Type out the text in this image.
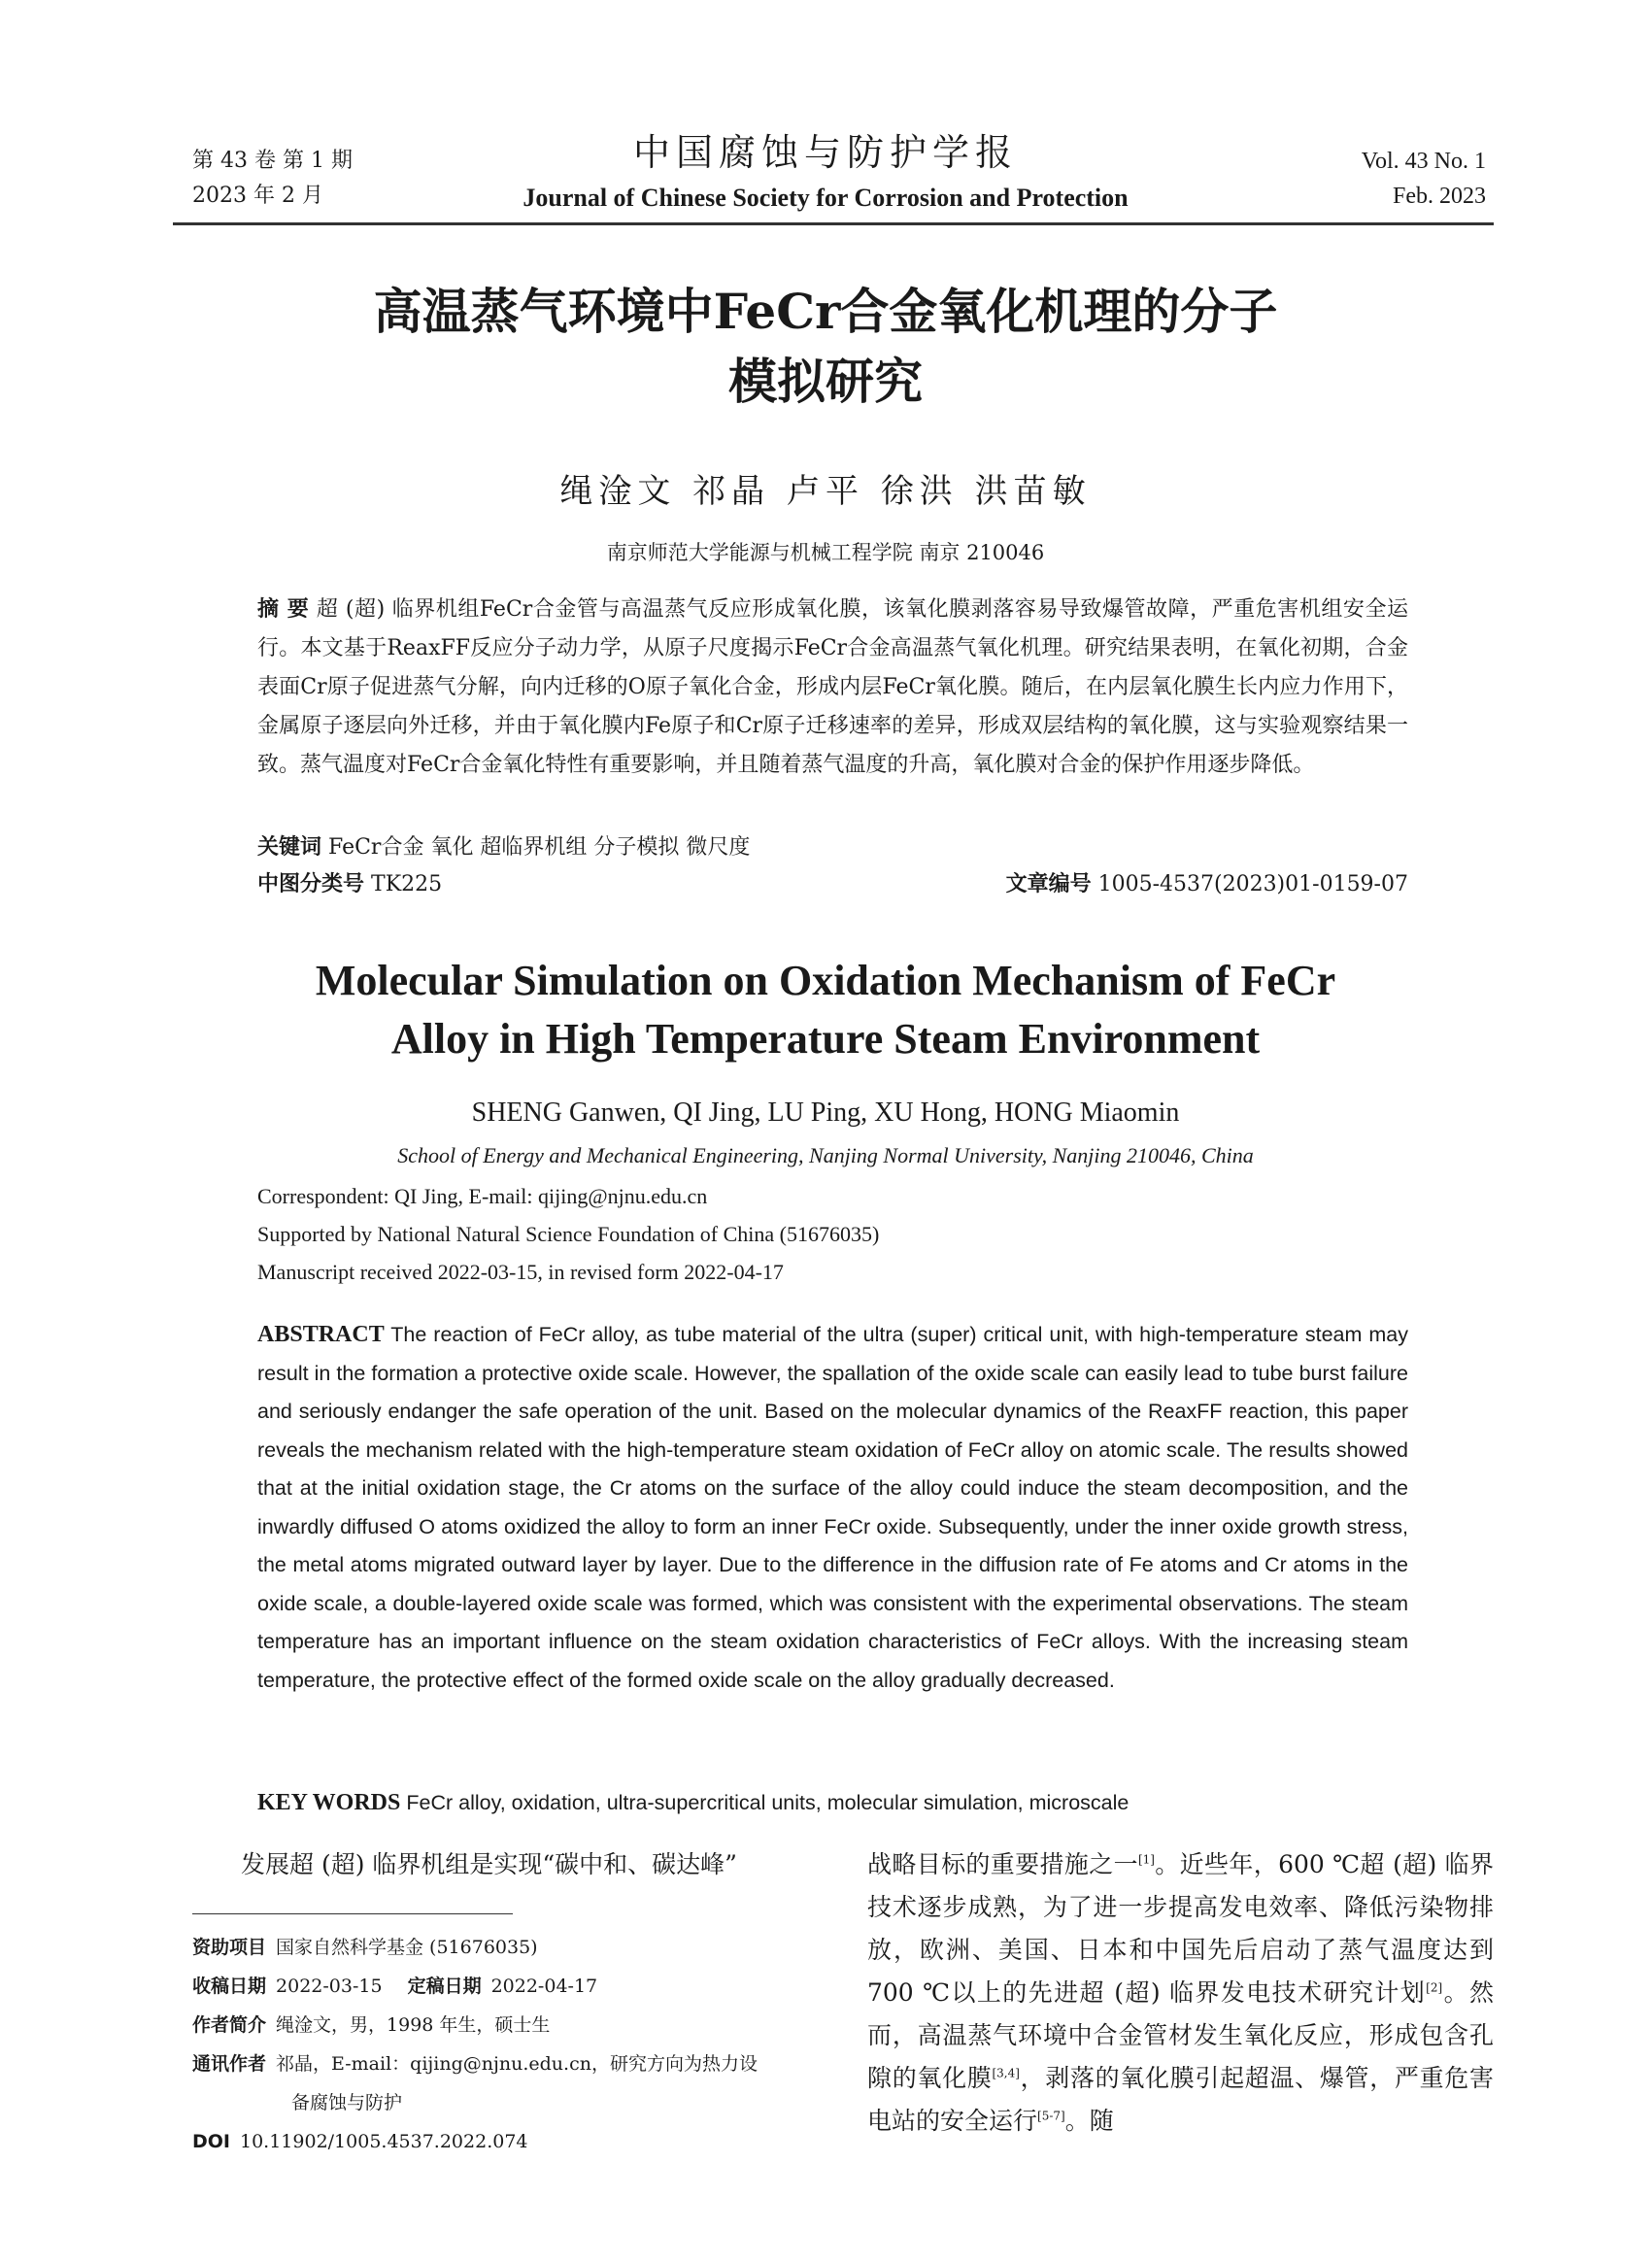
第 43 卷 第 1 期
2023 年 2 月
中国腐蚀与防护学报
Journal of Chinese Society for Corrosion and Protection
Vol. 43 No. 1
Feb. 2023
高温蒸气环境中FeCr合金氧化机理的分子
模拟研究
绳淦文 祁晶 卢平 徐洪 洪苗敏
南京师范大学能源与机械工程学院 南京 210046
摘 要 超 (超) 临界机组FeCr合金管与高温蒸气反应形成氧化膜，该氧化膜剥落容易导致爆管故障，严重危害机组安全运行。本文基于ReaxFF反应分子动力学，从原子尺度揭示FeCr合金高温蒸气氧化机理。研究结果表明，在氧化初期，合金表面Cr原子促进蒸气分解，向内迁移的O原子氧化合金，形成内层FeCr氧化膜。随后，在内层氧化膜生长内应力作用下，金属原子逐层向外迁移，并由于氧化膜内Fe原子和Cr原子迁移速率的差异，形成双层结构的氧化膜，这与实验观察结果一致。蒸气温度对FeCr合金氧化特性有重要影响，并且随着蒸气温度的升高，氧化膜对合金的保护作用逐步降低。
关键词 FeCr合金 氧化 超临界机组 分子模拟 微尺度
中图分类号 TK225	文章编号 1005-4537(2023)01-0159-07
Molecular Simulation on Oxidation Mechanism of FeCr
Alloy in High Temperature Steam Environment
SHENG Ganwen, QI Jing, LU Ping, XU Hong, HONG Miaomin
School of Energy and Mechanical Engineering, Nanjing Normal University, Nanjing 210046, China
Correspondent: QI Jing, E-mail: qijing@njnu.edu.cn
Supported by National Natural Science Foundation of China (51676035)
Manuscript received 2022-03-15, in revised form 2022-04-17
ABSTRACT The reaction of FeCr alloy, as tube material of the ultra (super) critical unit, with high-temperature steam may result in the formation a protective oxide scale. However, the spallation of the oxide scale can easily lead to tube burst failure and seriously endanger the safe operation of the unit. Based on the molecular dynamics of the ReaxFF reaction, this paper reveals the mechanism related with the high-temperature steam oxidation of FeCr alloy on atomic scale. The results showed that at the initial oxidation stage, the Cr atoms on the surface of the alloy could induce the steam decomposition, and the inwardly diffused O atoms oxidized the alloy to form an inner FeCr oxide. Subsequently, under the inner oxide growth stress, the metal atoms migrated outward layer by layer. Due to the difference in the diffusion rate of Fe atoms and Cr atoms in the oxide scale, a double-layered oxide scale was formed, which was consistent with the experimental observations. The steam temperature has an important influence on the steam oxidation characteristics of FeCr alloys. With the increasing steam temperature, the protective effect of the formed oxide scale on the alloy gradually decreased.
KEY WORDS FeCr alloy, oxidation, ultra-supercritical units, molecular simulation, microscale
发展超 (超) 临界机组是实现“碳中和、碳达峰”	战略目标的重要措施之一[1]。近些年，600 ℃超 (超) 临界技术逐步成熟，为了进一步提高发电效率、降低污染物排放，欧洲、美国、日本和中国先后启动了蒸气温度达到700 ℃以上的先进超 (超) 临界发电技术研究计划[2]。然而，高温蒸气环境中合金管材发生氧化反应，形成包含孔隙的氧化膜[3,4]，剥落的氧化膜引起超温、爆管，严重危害电站的安全运行[5-7]。随
资助项目 国家自然科学基金 (51676035)
收稿日期 2022-03-15 定稿日期 2022-04-17
作者简介 绳淦文，男，1998 年生，硕士生
通讯作者 祁晶，E-mail：qijing@njnu.edu.cn，研究方向为热力设
备腐蚀与防护
DOI 10.11902/1005.4537.2022.074
